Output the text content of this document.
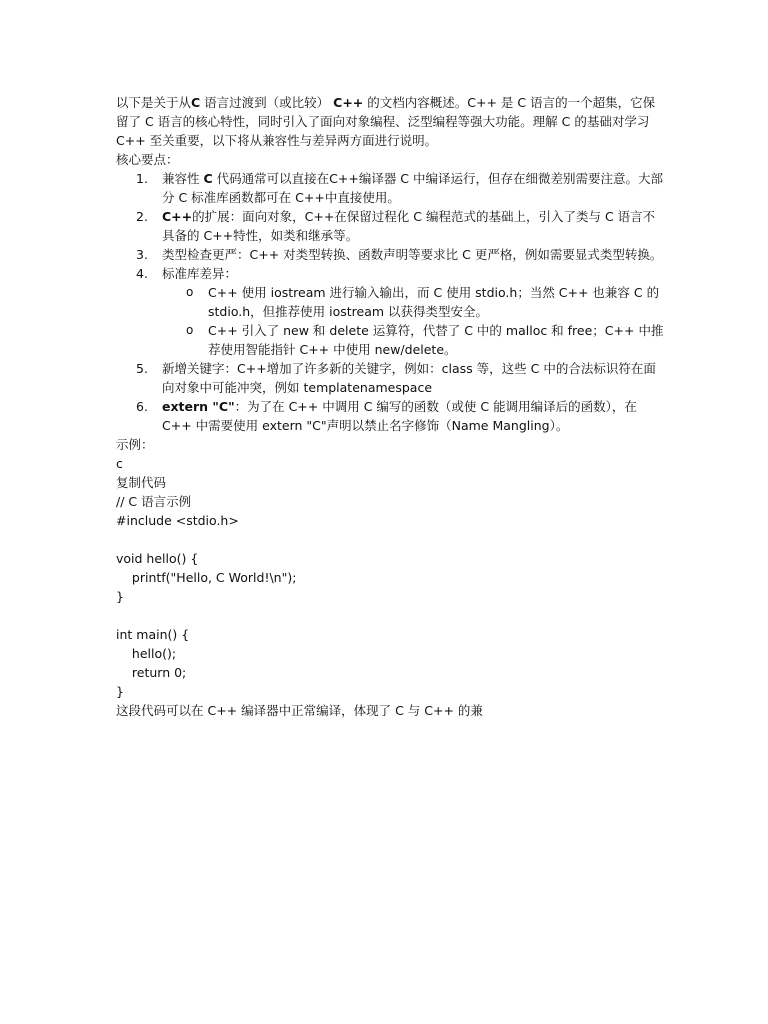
以下是关于从C 语言过渡到（或比较） C++ 的文档内容概述。C++ 是 C 语言的一个超集，它保留了 C 语言的核心特性，同时引入了面向对象编程、泛型编程等强大功能。理解 C 的基础对学习 C++ 至关重要，以下将从兼容性与差异两方面进行说明。

核心要点：

1.	兼容性 C 代码通常可以直接在C++编译器 C 中编译运行，但存在细微差别需要注意。大部分 C 标准库函数都可在 C++中直接使用。
2.	C++的扩展：面向对象，C++在保留过程化 C 编程范式的基础上，引入了类与 C 语言不具备的 C++特性，如类和继承等。
3.	类型检查更严：C++ 对类型转换、函数声明等要求比 C 更严格，例如需要显式类型转换。
4.	标准库差异：
o C++ 使用 iostream 进行输入输出，而 C 使用 stdio.h；当然 C++ 也兼容 C 的 stdio.h，但推荐使用 iostream 以获得类型安全。
o C++ 引入了 new 和 delete 运算符，代替了 C 中的 malloc 和 free；C++ 中推荐使用智能指针 C++ 中使用 new/delete。
5.	新增关键字：C++增加了许多新的关键字，例如：class 等，这些 C 中的合法标识符在面向对象中可能冲突，例如 templatenamespace
6.	extern "C"：为了在 C++ 中调用 C 编写的函数（或使 C 能调用编译后的函数），在 C++ 中需要使用 extern "C"声明以禁止名字修饰（Name Mangling）。

示例：

c

复制代码

// C 语言示例

#include <stdio.h>

void hello() {

printf("Hello, C World!\n");

}

int main() {

hello();

return 0;

}

这段代码可以在 C++ 编译器中正常编译，体现了 C 与 C++ 的兼
